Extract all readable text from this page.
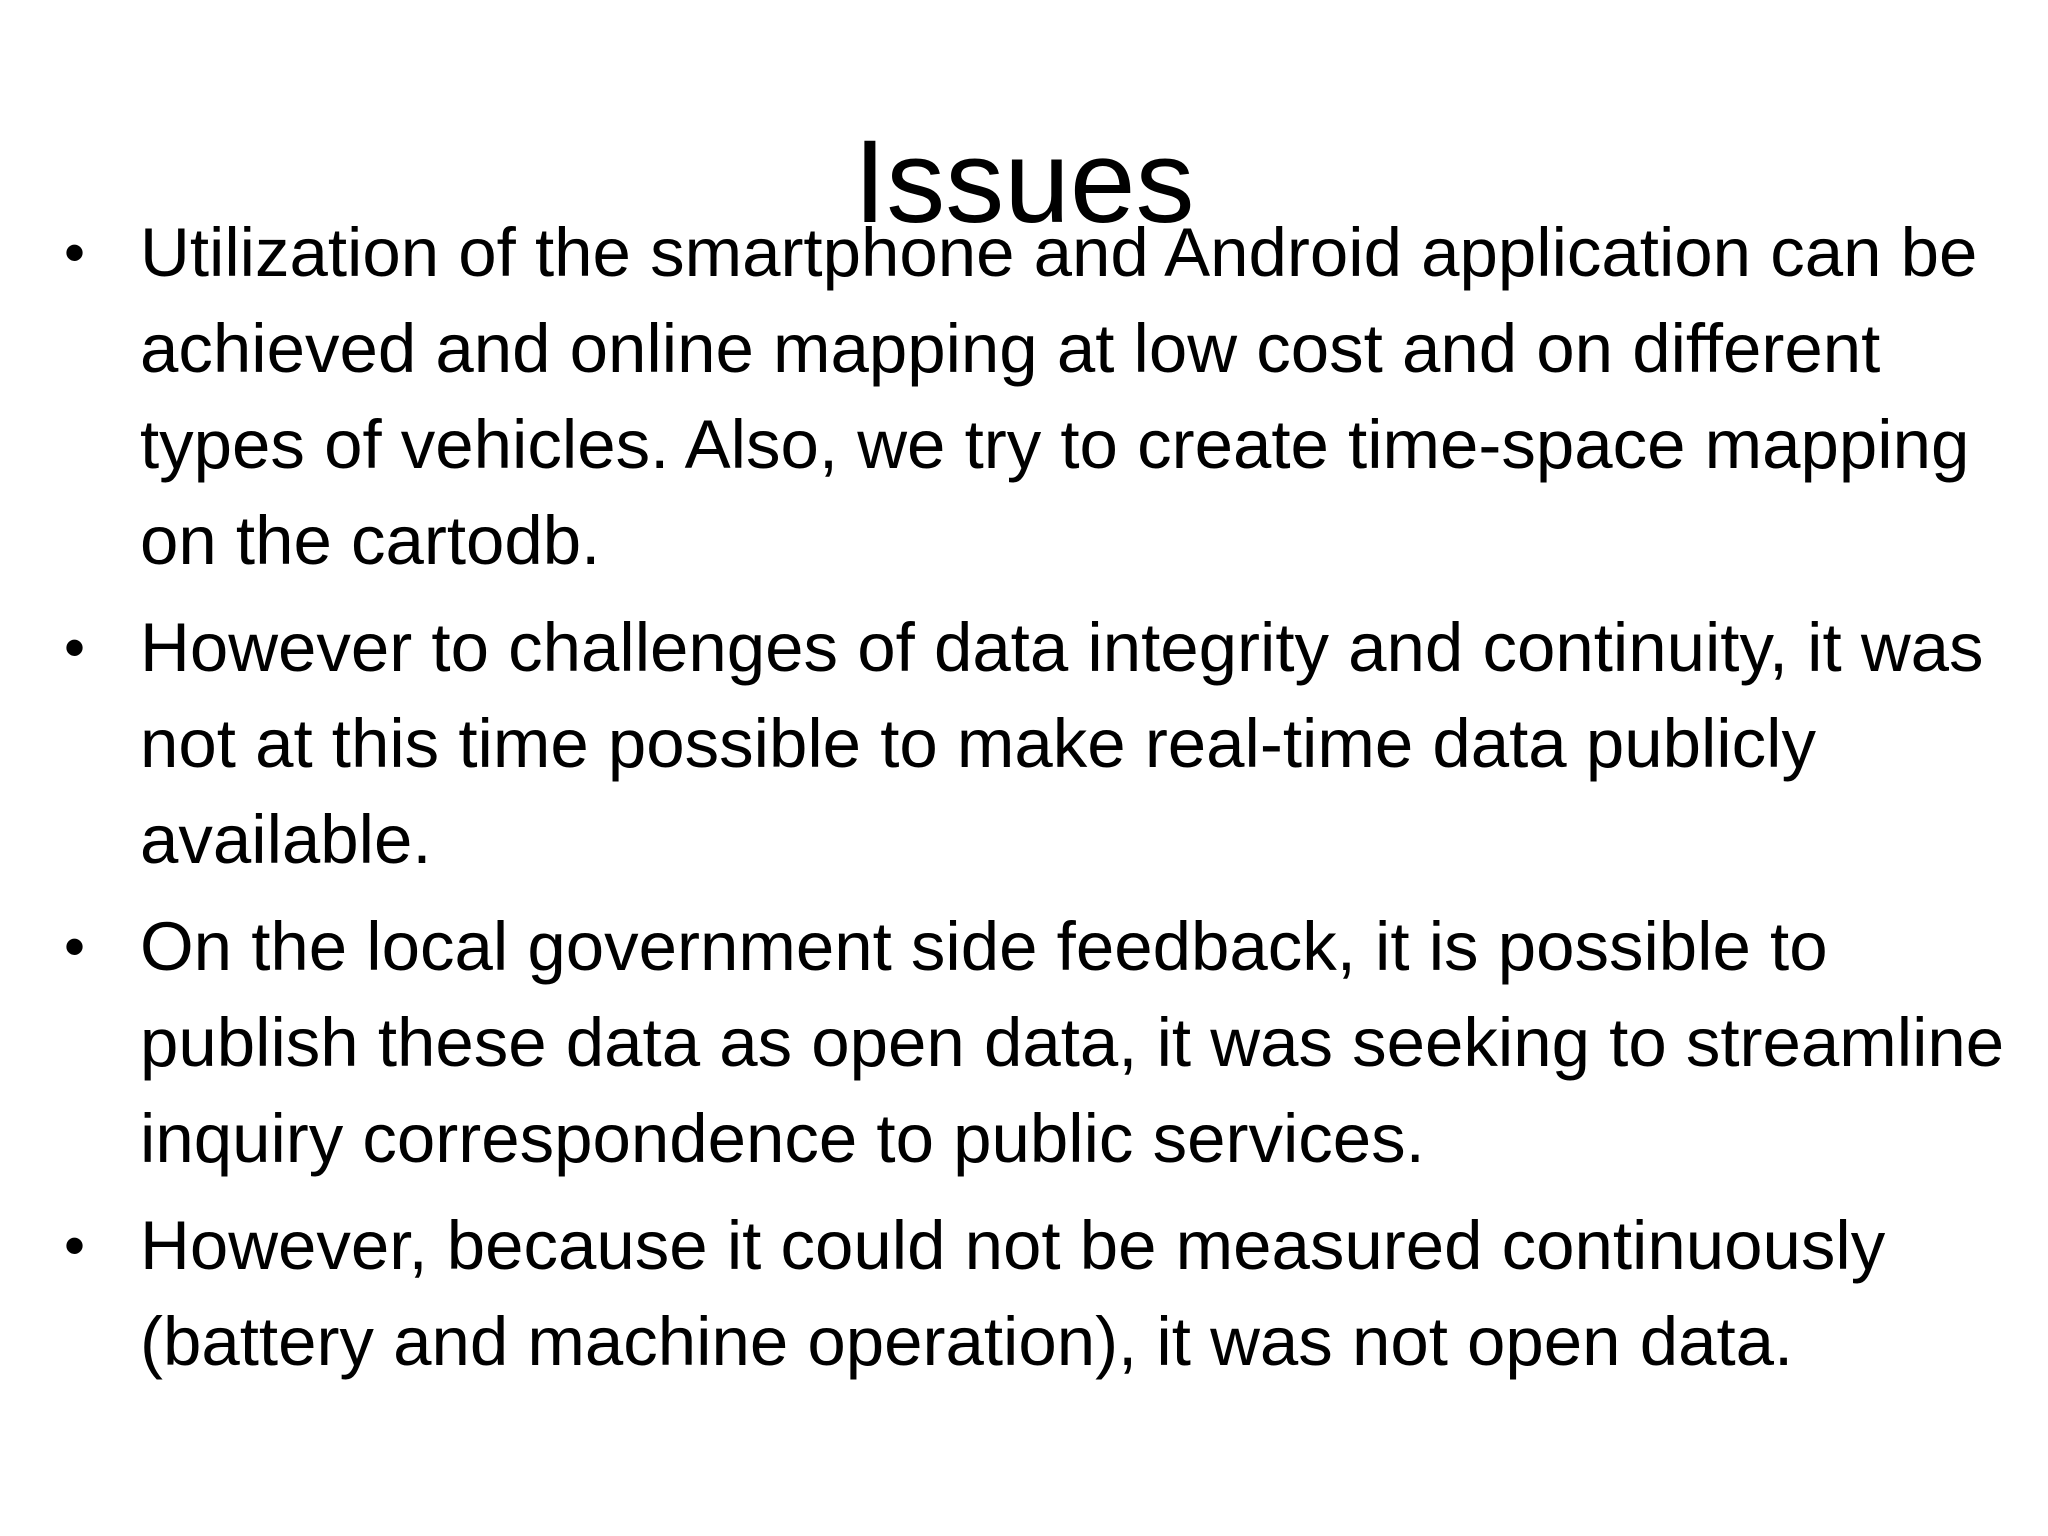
Issues
• Utilization of the smartphone and Android application can be achieved and online mapping at low cost and on different types of vehicles. Also, we try to create time-space mapping on the cartodb.
• However to challenges of data integrity and continuity, it was not at this time possible to make real-time data publicly available.
• On the local government side feedback, it is possible to publish these data as open data, it was seeking to streamline inquiry correspondence to public services.
• However, because it could not be measured continuously (battery and machine operation), it was not open data.
